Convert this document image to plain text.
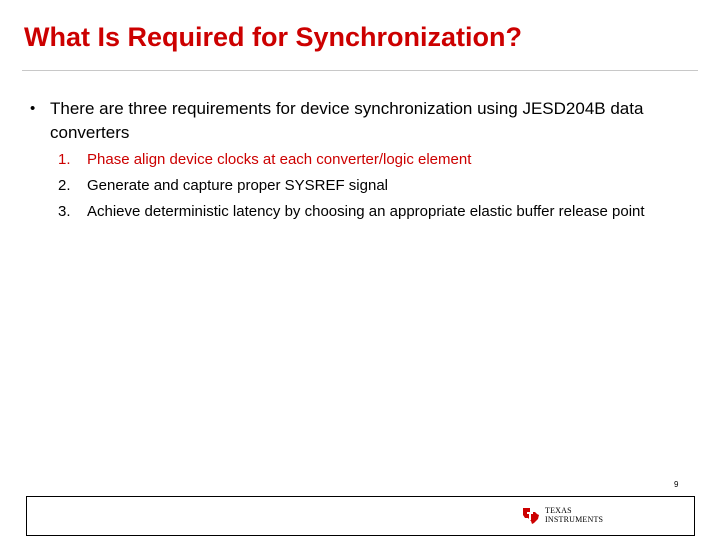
What Is Required for Synchronization?
• There are three requirements for device synchronization using JESD204B data converters
1.	Phase align device clocks at each converter/logic element
2.	Generate and capture proper SYSREF signal
3.	Achieve deterministic latency by choosing an appropriate elastic buffer release point
9
TEXAS
INSTRUMENTS
